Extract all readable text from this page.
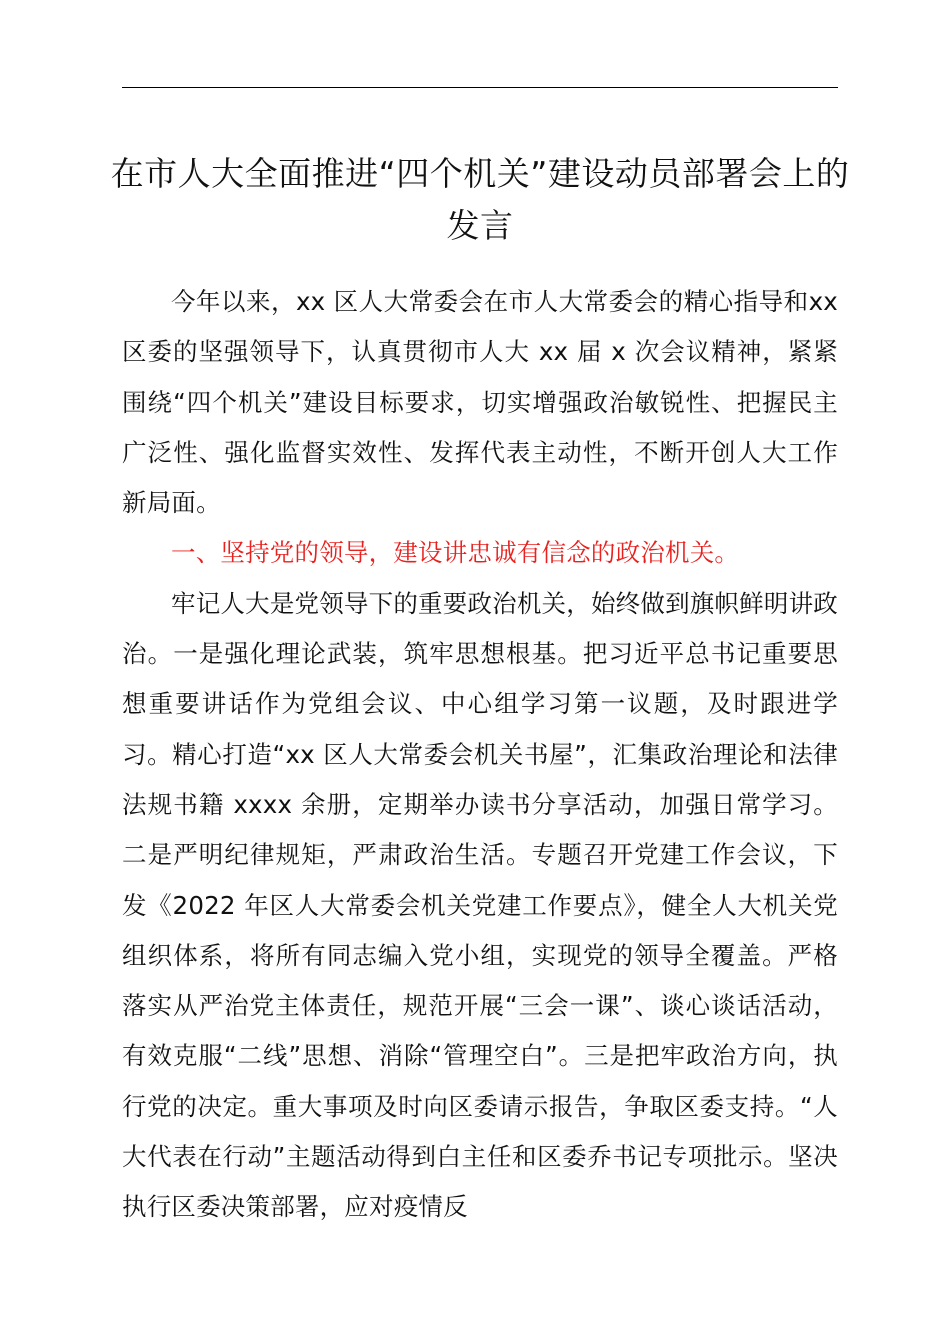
在市人大全面推进“四个机关”建设动员部署会上的发言

今年以来，xx 区人大常委会在市人大常委会的精心指导和xx 区委的坚强领导下，认真贯彻市人大 xx 届 x 次会议精神，紧紧围绕“四个机关”建设目标要求，切实增强政治敏锐性、把握民主广泛性、强化监督实效性、发挥代表主动性，不断开创人大工作新局面。

一、坚持党的领导，建设讲忠诚有信念的政治机关。

牢记人大是党领导下的重要政治机关，始终做到旗帜鲜明讲政治。一是强化理论武装，筑牢思想根基。把习近平总书记重要思想重要讲话作为党组会议、中心组学习第一议题，及时跟进学习。精心打造“xx 区人大常委会机关书屋”，汇集政治理论和法律法规书籍 xxxx 余册，定期举办读书分享活动，加强日常学习。二是严明纪律规矩，严肃政治生活。专题召开党建工作会议，下发《2022 年区人大常委会机关党建工作要点》，健全人大机关党组织体系，将所有同志编入党小组，实现党的领导全覆盖。严格落实从严治党主体责任，规范开展“三会一课”、谈心谈话活动，有效克服“二线”思想、消除“管理空白”。三是把牢政治方向，执行党的决定。重大事项及时向区委请示报告，争取区委支持。“人大代表在行动”主题活动得到白主任和区委乔书记专项批示。坚决执行区委决策部署，应对疫情反
